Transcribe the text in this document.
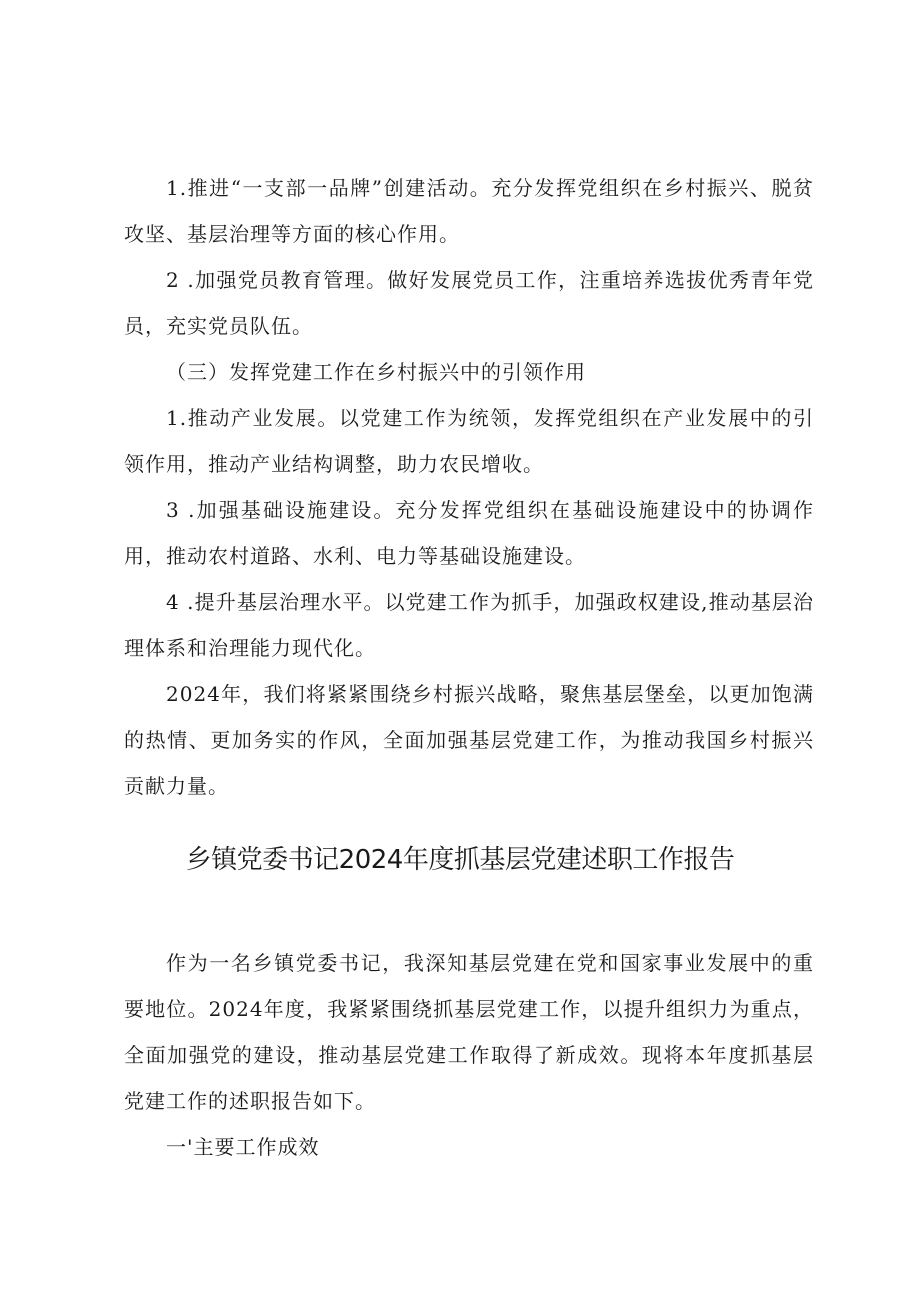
1.推进“一支部一品牌”创建活动。充分发挥党组织在乡村振兴、脱贫攻坚、基层治理等方面的核心作用。

2 .加强党员教育管理。做好发展党员工作，注重培养选拔优秀青年党员，充实党员队伍。

（三）发挥党建工作在乡村振兴中的引领作用

1.推动产业发展。以党建工作为统领，发挥党组织在产业发展中的引领作用，推动产业结构调整，助力农民增收。

3 .加强基础设施建设。充分发挥党组织在基础设施建设中的协调作用，推动农村道路、水利、电力等基础设施建设。

4 .提升基层治理水平。以党建工作为抓手，加强政权建设,推动基层治理体系和治理能力现代化。

2024年，我们将紧紧围绕乡村振兴战略，聚焦基层堡垒，以更加饱满的热情、更加务实的作风，全面加强基层党建工作，为推动我国乡村振兴贡献力量。

乡镇党委书记2024年度抓基层党建述职工作报告

作为一名乡镇党委书记，我深知基层党建在党和国家事业发展中的重要地位。2024年度，我紧紧围绕抓基层党建工作，以提升组织力为重点，全面加强党的建设，推动基层党建工作取得了新成效。现将本年度抓基层党建工作的述职报告如下。

一'主要工作成效
